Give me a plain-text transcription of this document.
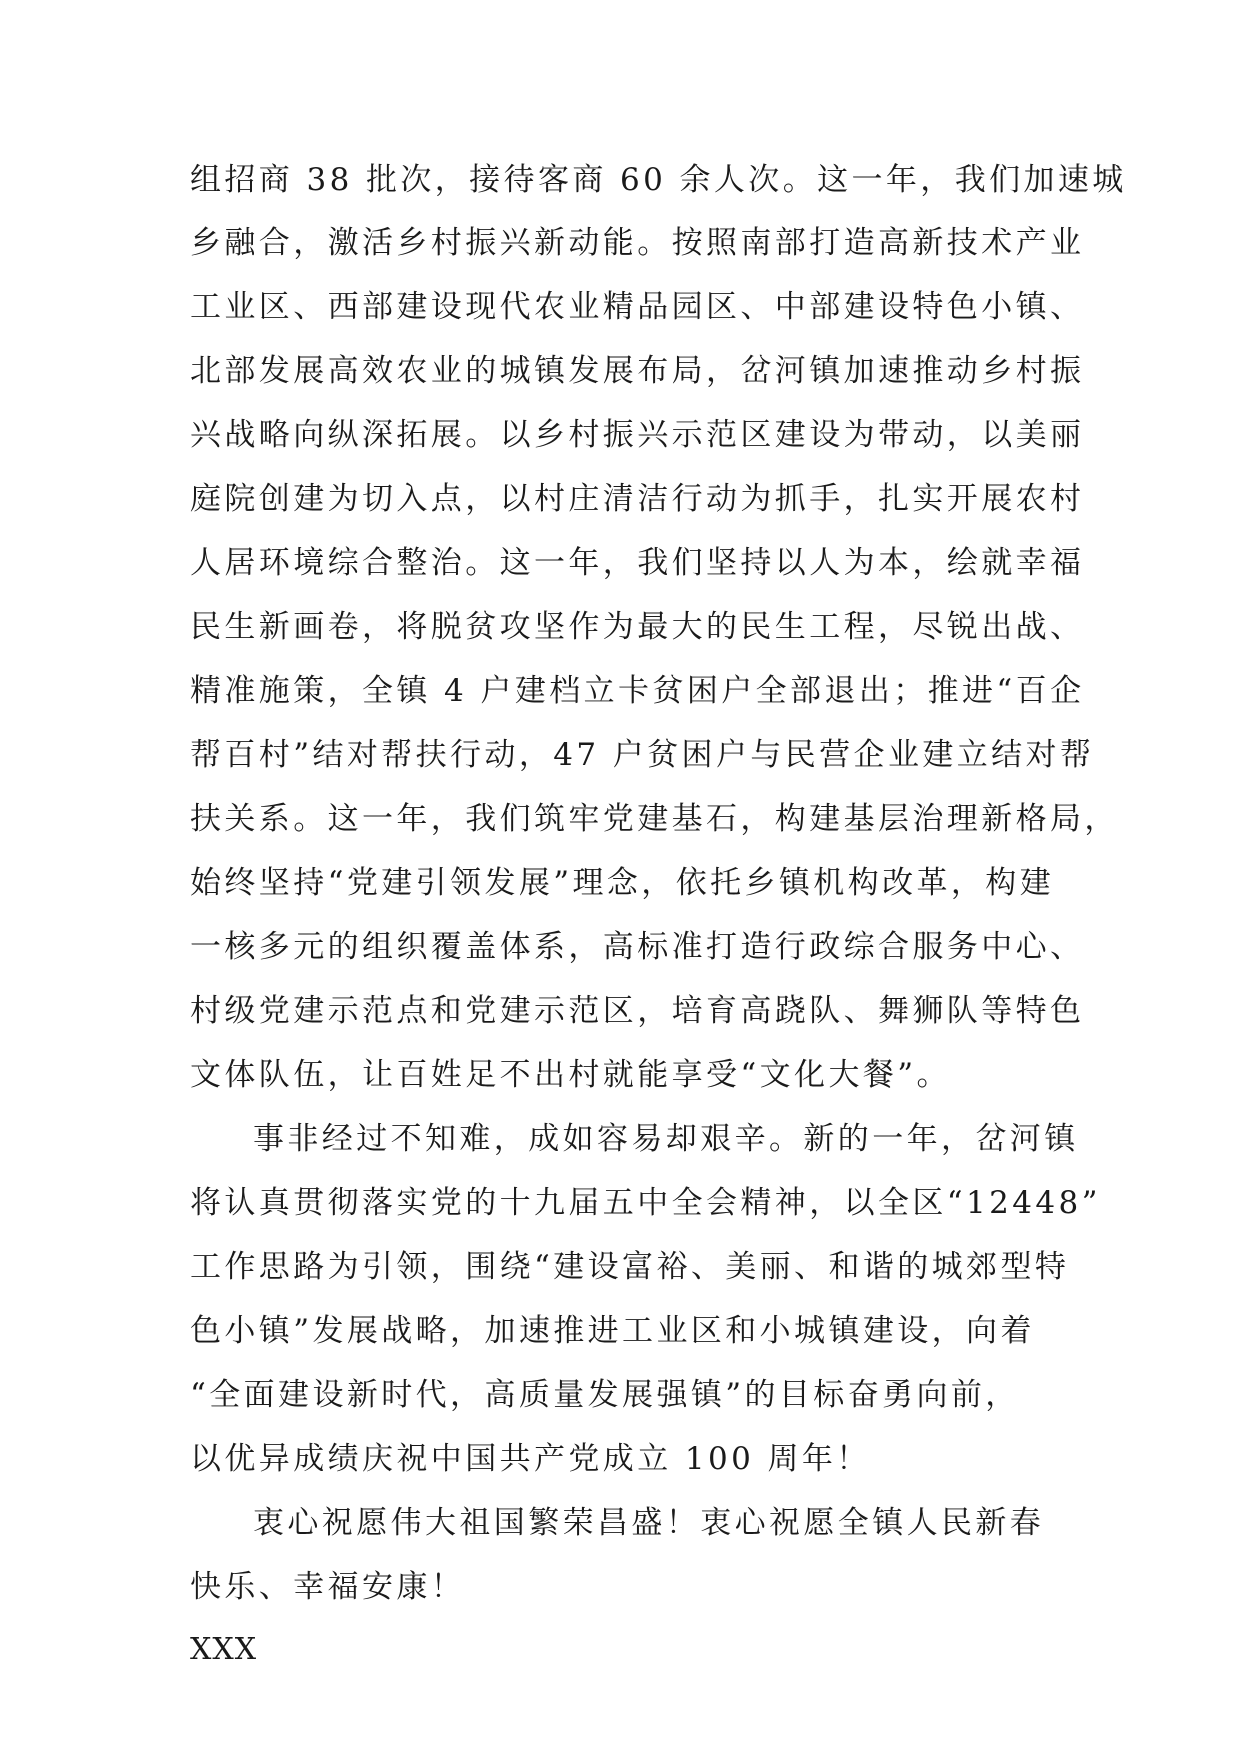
组招商 38 批次，接待客商 60 余人次。这一年，我们加速城
乡融合，激活乡村振兴新动能。按照南部打造高新技术产业
工业区、西部建设现代农业精品园区、中部建设特色小镇、
北部发展高效农业的城镇发展布局，岔河镇加速推动乡村振
兴战略向纵深拓展。以乡村振兴示范区建设为带动，以美丽
庭院创建为切入点，以村庄清洁行动为抓手，扎实开展农村
人居环境综合整治。这一年，我们坚持以人为本，绘就幸福
民生新画卷，将脱贫攻坚作为最大的民生工程，尽锐出战、
精准施策，全镇 4 户建档立卡贫困户全部退出；推进“百企
帮百村”结对帮扶行动，47 户贫困户与民营企业建立结对帮
扶关系。这一年，我们筑牢党建基石，构建基层治理新格局，
始终坚持“党建引领发展”理念，依托乡镇机构改革，构建
一核多元的组织覆盖体系，高标准打造行政综合服务中心、
村级党建示范点和党建示范区，培育高跷队、舞狮队等特色
文体队伍，让百姓足不出村就能享受“文化大餐”。
事非经过不知难，成如容易却艰辛。新的一年，岔河镇
将认真贯彻落实党的十九届五中全会精神，以全区“12448”
工作思路为引领，围绕“建设富裕、美丽、和谐的城郊型特
色小镇”发展战略，加速推进工业区和小城镇建设，向着
“全面建设新时代，高质量发展强镇”的目标奋勇向前，
以优异成绩庆祝中国共产党成立 100 周年！
衷心祝愿伟大祖国繁荣昌盛！衷心祝愿全镇人民新春
快乐、幸福安康！
XXX
